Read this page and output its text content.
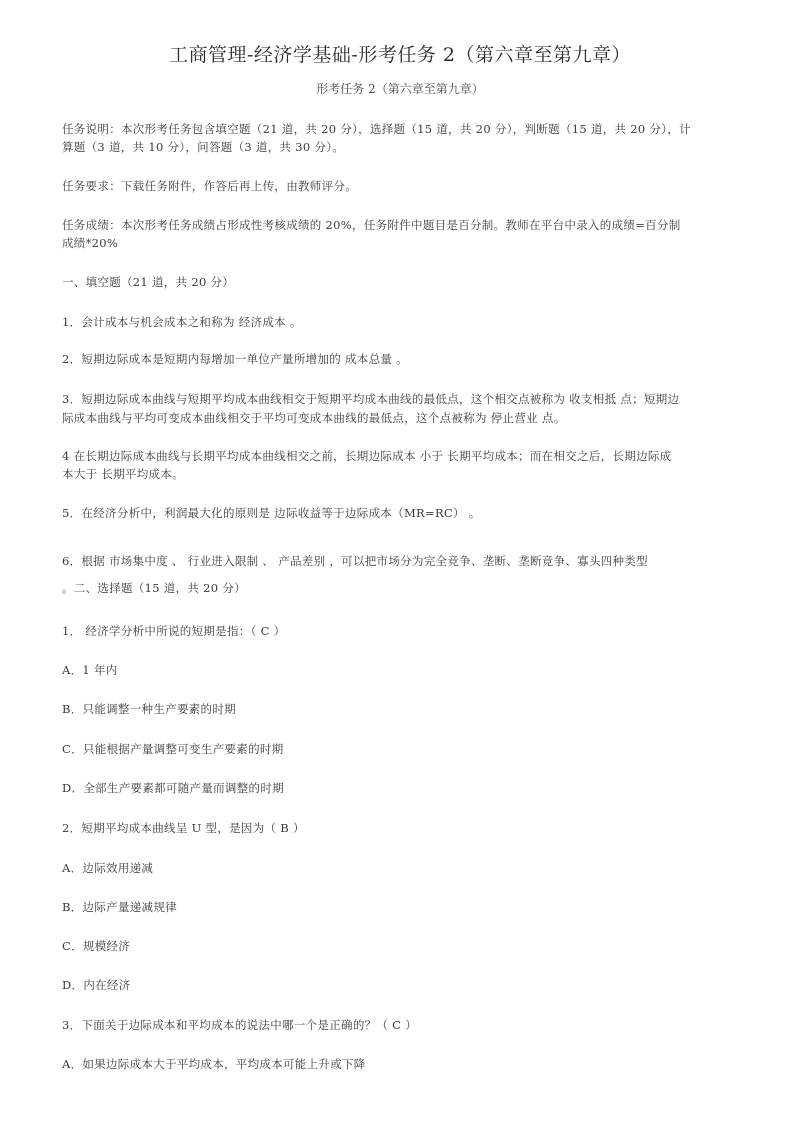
工商管理-经济学基础-形考任务 2（第六章至第九章）
形考任务 2（第六章至第九章）

任务说明：本次形考任务包含填空题（21 道，共 20 分），选择题（15 道，共 20 分），判断题（15 道，共 20 分），计

算题（3 道，共 10 分），问答题（3 道，共 30 分）。

任务要求：下载任务附件，作答后再上传，由教师评分。

任务成绩：本次形考任务成绩占形成性考核成绩的 20%，任务附件中题目是百分制。教师在平台中录入的成绩=百分制

成绩*20%

一、填空题（21 道，共 20 分）

1．会计成本与机会成本之和称为 经济成本 。

2．短期边际成本是短期内每增加一单位产量所增加的 成本总量 。

3．短期边际成本曲线与短期平均成本曲线相交于短期平均成本曲线的最低点，这个相交点被称为 收支相抵 点；短期边

际成本曲线与平均可变成本曲线相交于平均可变成本曲线的最低点，这个点被称为 停止营业 点。

4 在长期边际成本曲线与长期平均成本曲线相交之前，长期边际成本 小于 长期平均成本；而在相交之后，长期边际成

本大于 长期平均成本。

5．在经济分析中，利润最大化的原则是 边际收益等于边际成本（MR=RC） 。

6．根据 市场集中度 、 行业进入限制 、 产品差别 ，可以把市场分为完全竞争、垄断、垄断竞争、寡头四种类型

。二、选择题（15 道，共 20 分）

1． 经济学分析中所说的短期是指：（ C ）

A．1 年内

B．只能调整一种生产要素的时期

C．只能根据产量调整可变生产要素的时期

D．全部生产要素都可随产量而调整的时期

2．短期平均成本曲线呈 U 型，是因为（ B ）

A．边际效用递减

B．边际产量递减规律

C．规模经济

D．内在经济

3．下面关于边际成本和平均成本的说法中哪一个是正确的？（ C ）

A．如果边际成本大于平均成本，平均成本可能上升或下降
